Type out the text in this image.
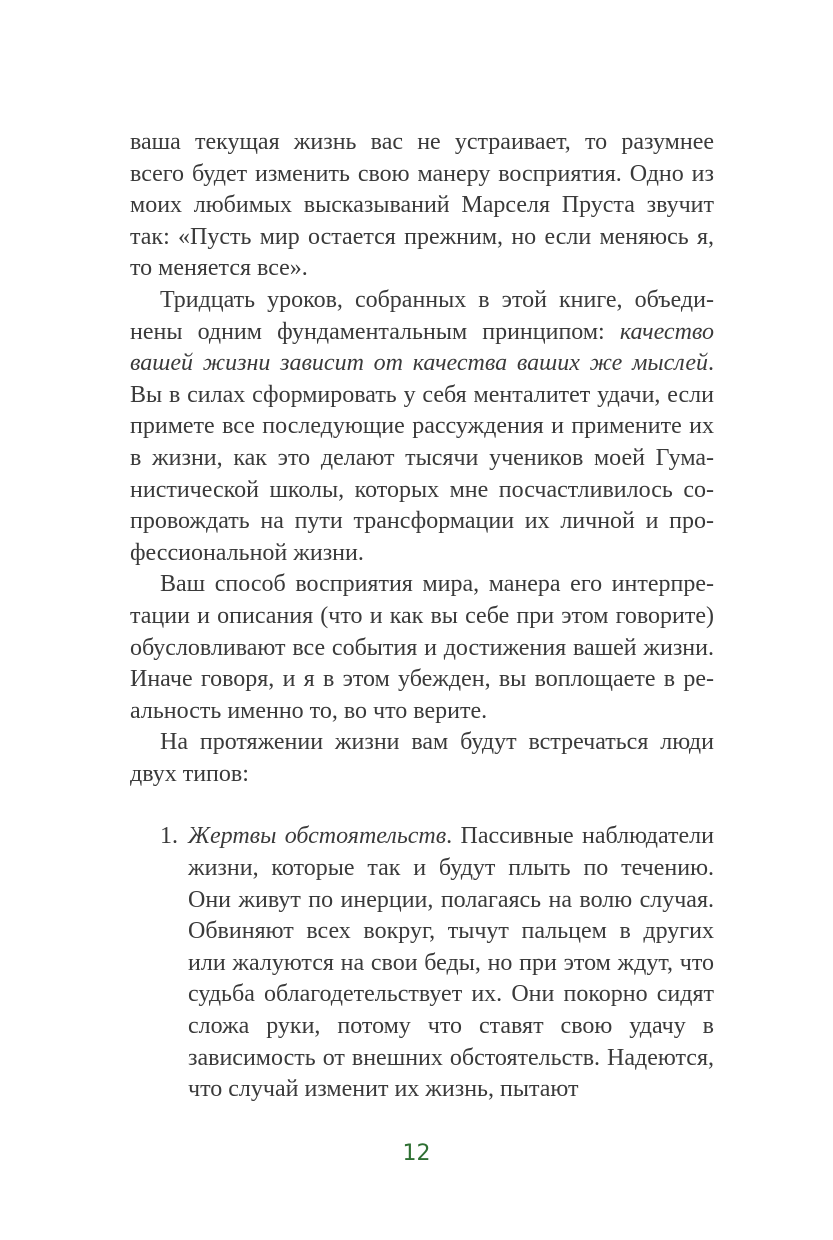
ваша текущая жизнь вас не устраивает, то разумнее всего будет изменить свою манеру восприятия. Одно из моих любимых высказываний Марселя Пруста звучит так: «Пусть мир остается прежним, но если меняюсь я, то меняется все».

Тридцать уроков, собранных в этой книге, объединены одним фундаментальным принципом: качество вашей жизни зависит от качества ваших же мыслей. Вы в силах сформировать у себя менталитет удачи, если примете все последующие рассуждения и примените их в жизни, как это делают тысячи учеников моей Гуманистической школы, которых мне посчастливилось сопровождать на пути трансформации их личной и профессиональной жизни.

Ваш способ восприятия мира, манера его интерпретации и описания (что и как вы себе при этом говорите) обусловливают все события и достижения вашей жизни. Иначе говоря, и я в этом убежден, вы воплощаете в реальность именно то, во что верите.

На протяжении жизни вам будут встречаться люди двух типов:

1. Жертвы обстоятельств. Пассивные наблюдатели жизни, которые так и будут плыть по течению. Они живут по инерции, полагаясь на волю случая. Обвиняют всех вокруг, тычут пальцем в других или жалуются на свои беды, но при этом ждут, что судьба облагодетельствует их. Они покорно сидят сложа руки, потому что ставят свою удачу в зависимость от внешних обстоятельств. Надеются, что случай изменит их жизнь, пытают
12
